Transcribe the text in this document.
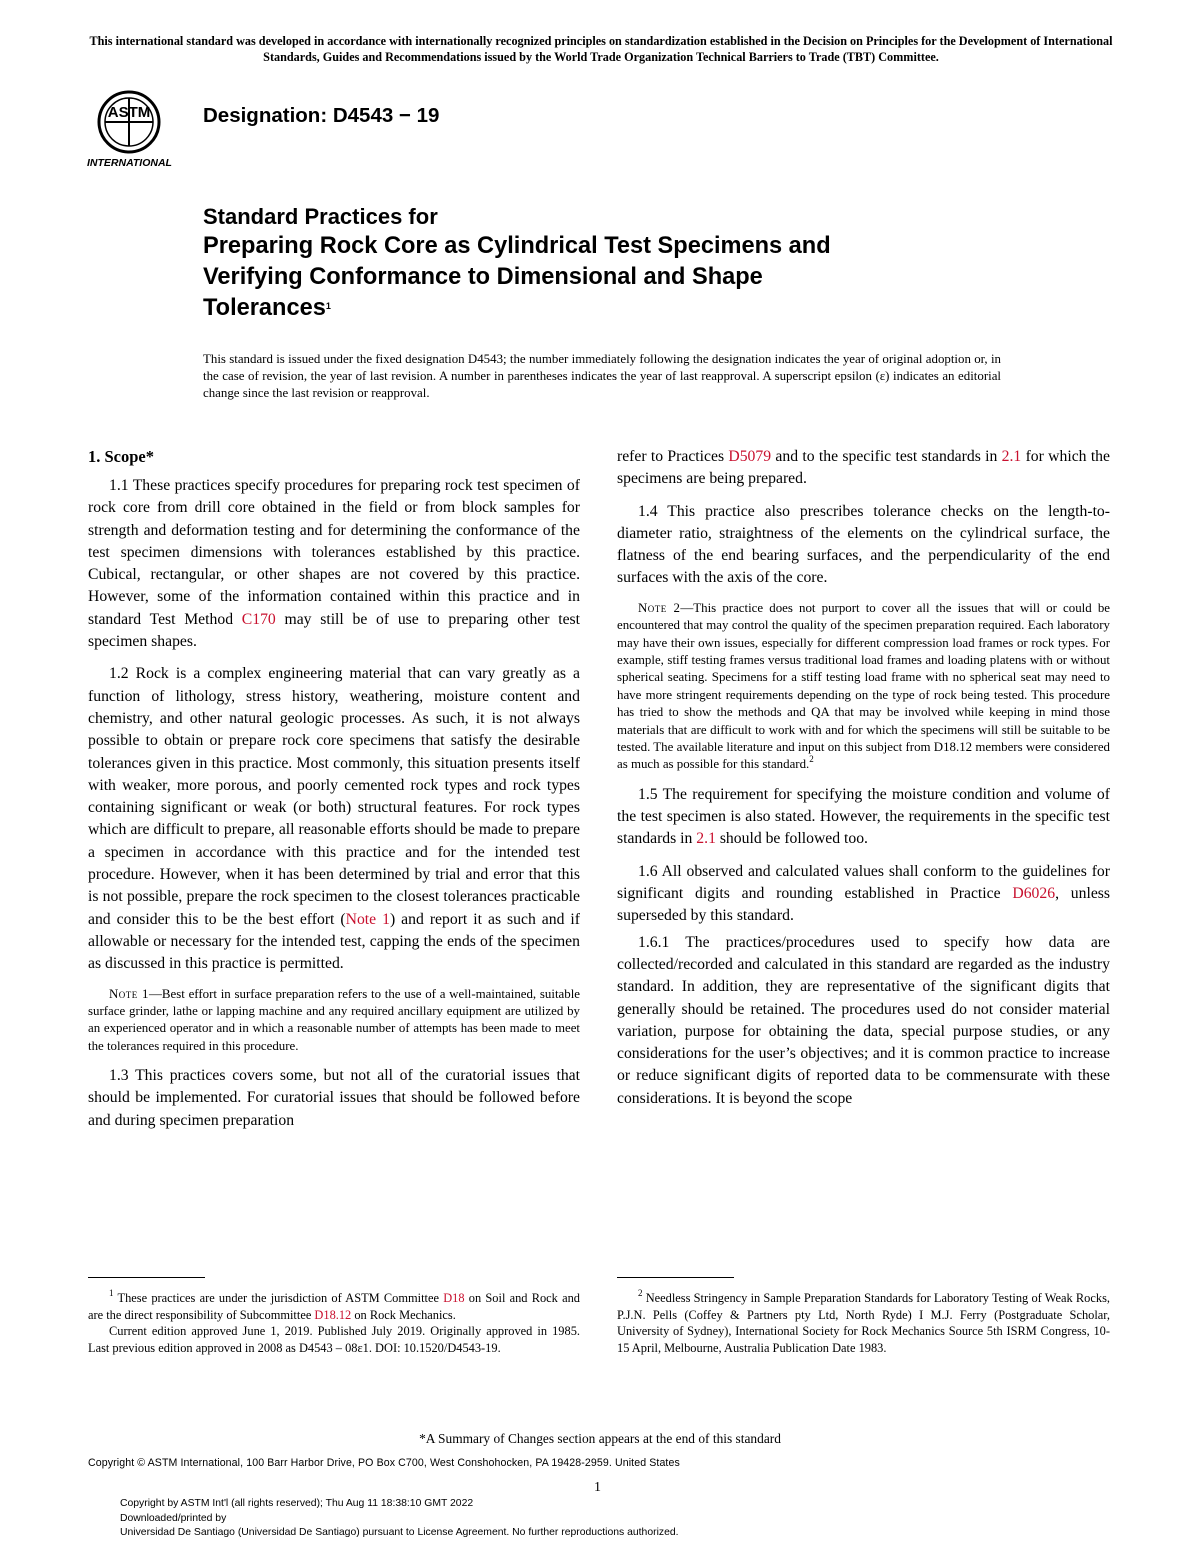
This international standard was developed in accordance with internationally recognized principles on standardization established in the Decision on Principles for the Development of International Standards, Guides and Recommendations issued by the World Trade Organization Technical Barriers to Trade (TBT) Committee.
ASTM
INTERNATIONAL
Designation: D4543 − 19
Standard Practices for
Preparing Rock Core as Cylindrical Test Specimens and
Verifying Conformance to Dimensional and Shape
Tolerances$^1$
This standard is issued under the fixed designation D4543; the number immediately following the designation indicates the year of original adoption or, in the case of revision, the year of last revision. A number in parentheses indicates the year of last reapproval. A superscript epsilon (ε) indicates an editorial change since the last revision or reapproval.
1. Scope*

1.1 These practices specify procedures for preparing rock test specimen of rock core from drill core obtained in the field or from block samples for strength and deformation testing and for determining the conformance of the test specimen dimensions with tolerances established by this practice. Cubical, rectangular, or other shapes are not covered by this practice. However, some of the information contained within this practice and in standard Test Method C170 may still be of use to preparing other test specimen shapes.

1.2 Rock is a complex engineering material that can vary greatly as a function of lithology, stress history, weathering, moisture content and chemistry, and other natural geologic processes. As such, it is not always possible to obtain or prepare rock core specimens that satisfy the desirable tolerances given in this practice. Most commonly, this situation presents itself with weaker, more porous, and poorly cemented rock types and rock types containing significant or weak (or both) structural features. For rock types which are difficult to prepare, all reasonable efforts should be made to prepare a specimen in accordance with this practice and for the intended test procedure. However, when it has been determined by trial and error that this is not possible, prepare the rock specimen to the closest tolerances practicable and consider this to be the best effort (Note 1) and report it as such and if allowable or necessary for the intended test, capping the ends of the specimen as discussed in this practice is permitted.

Note 1—Best effort in surface preparation refers to the use of a well-maintained, suitable surface grinder, lathe or lapping machine and any required ancillary equipment are utilized by an experienced operator and in which a reasonable number of attempts has been made to meet the tolerances required in this procedure.

1.3 This practices covers some, but not all of the curatorial issues that should be implemented. For curatorial issues that should be followed before and during specimen preparation

refer to Practices D5079 and to the specific test standards in 2.1 for which the specimens are being prepared.

1.4 This practice also prescribes tolerance checks on the length-to-diameter ratio, straightness of the elements on the cylindrical surface, the flatness of the end bearing surfaces, and the perpendicularity of the end surfaces with the axis of the core.

Note 2—This practice does not purport to cover all the issues that will or could be encountered that may control the quality of the specimen preparation required. Each laboratory may have their own issues, especially for different compression load frames or rock types. For example, stiff testing frames versus traditional load frames and loading platens with or without spherical seating. Specimens for a stiff testing load frame with no spherical seat may need to have more stringent requirements depending on the type of rock being tested. This procedure has tried to show the methods and QA that may be involved while keeping in mind those materials that are difficult to work with and for which the specimens will still be suitable to be tested. The available literature and input on this subject from D18.12 members were considered as much as possible for this standard.$^2$

1.5 The requirement for specifying the moisture condition and volume of the test specimen is also stated. However, the requirements in the specific test standards in 2.1 should be followed too.

1.6 All observed and calculated values shall conform to the guidelines for significant digits and rounding established in Practice D6026, unless superseded by this standard.

1.6.1 The practices/procedures used to specify how data are collected/recorded and calculated in this standard are regarded as the industry standard. In addition, they are representative of the significant digits that generally should be retained. The procedures used do not consider material variation, purpose for obtaining the data, special purpose studies, or any considerations for the user’s objectives; and it is common practice to increase or reduce significant digits of reported data to be commensurate with these considerations. It is beyond the scope

$^1$ These practices are under the jurisdiction of ASTM Committee D18 on Soil and Rock and are the direct responsibility of Subcommittee D18.12 on Rock Mechanics.

Current edition approved June 1, 2019. Published July 2019. Originally approved in 1985. Last previous edition approved in 2008 as D4543 – 08ε1. DOI: 10.1520/D4543-19.

$^2$ Needless Stringency in Sample Preparation Standards for Laboratory Testing of Weak Rocks, P.J.N. Pells (Coffey & Partners pty Ltd, North Ryde) I M.J. Ferry (Postgraduate Scholar, University of Sydney), International Society for Rock Mechanics Source 5th ISRM Congress, 10-15 April, Melbourne, Australia Publication Date 1983.

*A Summary of Changes section appears at the end of this standard
Copyright © ASTM International, 100 Barr Harbor Drive, PO Box C700, West Conshohocken, PA 19428-2959. United States
1
Copyright by ASTM Int'l (all rights reserved); Thu Aug 11 18:38:10 GMT 2022
Downloaded/printed by
Universidad De Santiago (Universidad De Santiago) pursuant to License Agreement. No further reproductions authorized.
